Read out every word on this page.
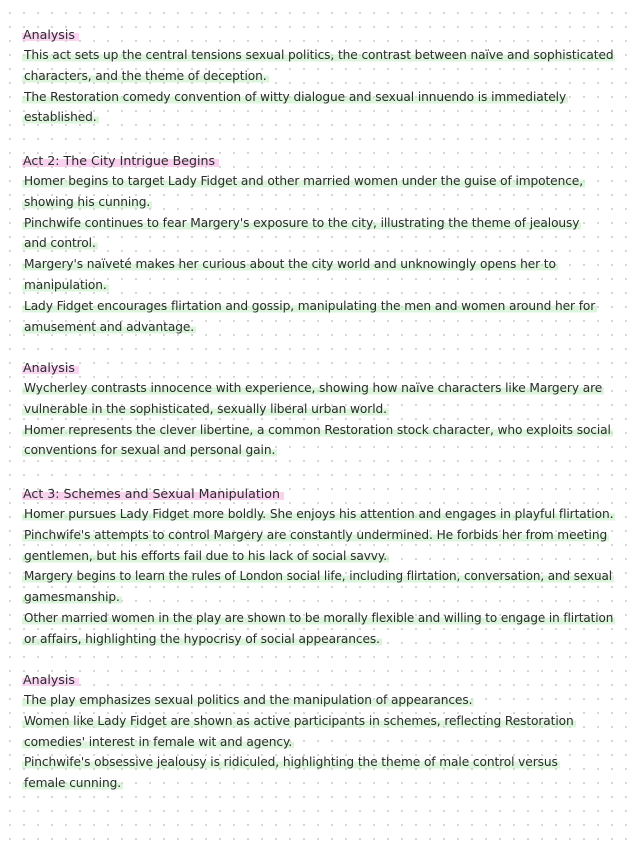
Analysis
This act sets up the central tensions sexual politics, the contrast between naïve and sophisticated
characters, and the theme of deception.
The Restoration comedy convention of witty dialogue and sexual innuendo is immediately
established.
Act 2: The City Intrigue Begins
Homer begins to target Lady Fidget and other married women under the guise of impotence,
showing his cunning.
Pinchwife continues to fear Margery's exposure to the city, illustrating the theme of jealousy
and control.
Margery's naïveté makes her curious about the city world and unknowingly opens her to
manipulation.
Lady Fidget encourages flirtation and gossip, manipulating the men and women around her for
amusement and advantage.
Analysis
Wycherley contrasts innocence with experience, showing how naïve characters like Margery are
vulnerable in the sophisticated, sexually liberal urban world.
Homer represents the clever libertine, a common Restoration stock character, who exploits social
conventions for sexual and personal gain.
Act 3: Schemes and Sexual Manipulation
Homer pursues Lady Fidget more boldly. She enjoys his attention and engages in playful flirtation.
Pinchwife's attempts to control Margery are constantly undermined. He forbids her from meeting
gentlemen, but his efforts fail due to his lack of social savvy.
Margery begins to learn the rules of London social life, including flirtation, conversation, and sexual
gamesmanship.
Other married women in the play are shown to be morally flexible and willing to engage in flirtation
or affairs, highlighting the hypocrisy of social appearances.
Analysis
The play emphasizes sexual politics and the manipulation of appearances.
Women like Lady Fidget are shown as active participants in schemes, reflecting Restoration
comedies' interest in female wit and agency.
Pinchwife's obsessive jealousy is ridiculed, highlighting the theme of male control versus
female cunning.
